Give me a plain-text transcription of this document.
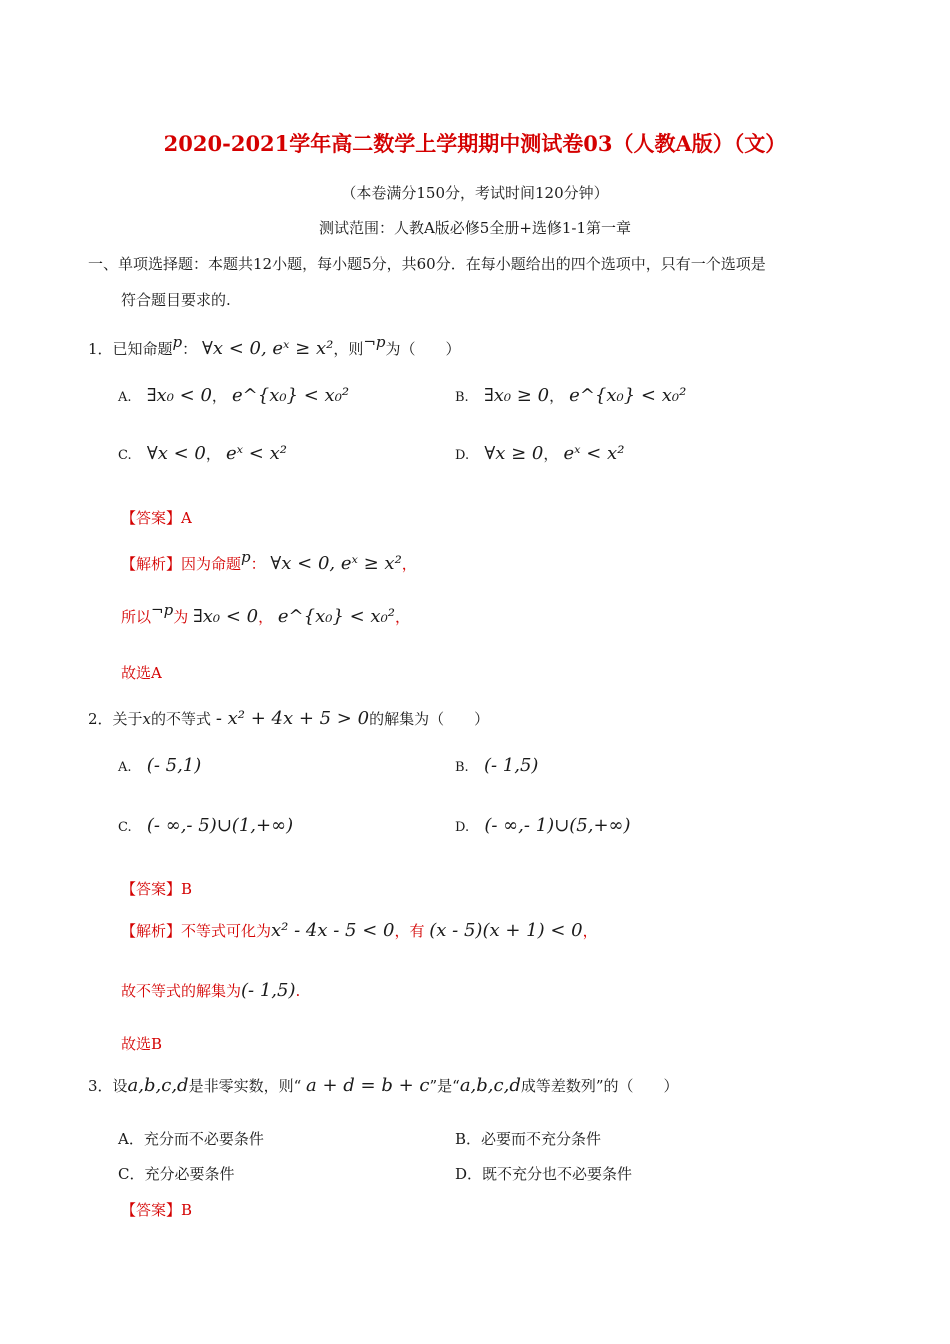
2020-2021学年高二数学上学期期中测试卷03（人教A版）（文）
（本卷满分150分，考试时间120分钟）
测试范围：人教A版必修5全册+选修1-1第一章
一、单项选择题：本题共12小题，每小题5分，共60分．在每小题给出的四个选项中，只有一个选项是
符合题目要求的.
1．已知命题p： ∀x < 0, eˣ ≥ x²，则¬p为（　　）
A. ∃x₀ < 0， e^{x₀} < x₀²	B. ∃x₀ ≥ 0， e^{x₀} < x₀²
C. ∀x < 0， eˣ < x²	D. ∀x ≥ 0， eˣ < x²
【答案】A
【解析】因为命题p： ∀x < 0, eˣ ≥ x²，
所以¬p为 ∃x₀ < 0， e^{x₀} < x₀²，
故选A
2．关于x的不等式 - x² + 4x + 5 > 0的解集为（　　）
A. (- 5,1)	B. (- 1,5)
C. (- ∞,- 5)∪(1,+∞)	D. (- ∞,- 1)∪(5,+∞)
【答案】B
【解析】不等式可化为x² - 4x - 5 < 0，有 (x - 5)(x + 1) < 0，
故不等式的解集为(- 1,5).
故选B
3．设a,b,c,d是非零实数，则“ a + d = b + c”是“a,b,c,d成等差数列”的（　　）
A．充分而不必要条件	B．必要而不充分条件
C．充分必要条件	D．既不充分也不必要条件
【答案】B
